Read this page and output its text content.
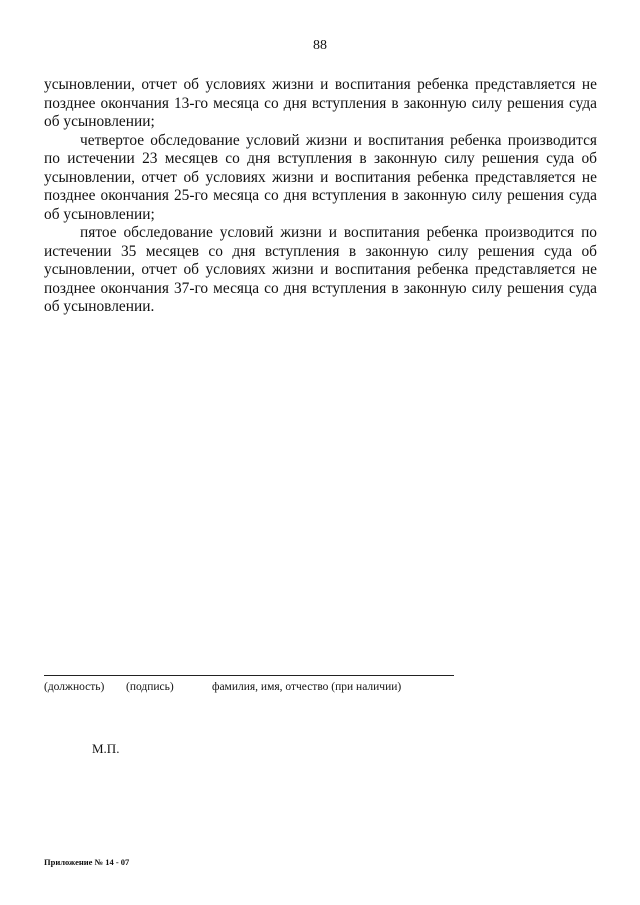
88

усыновлении, отчет об условиях жизни и воспитания ребенка представляется не позднее окончания 13-го месяца со дня вступления в законную силу решения суда об усыновлении;

четвертое обследование условий жизни и воспитания ребенка производится по истечении 23 месяцев со дня вступления в законную силу решения суда об усыновлении, отчет об условиях жизни и воспитания ребенка представляется не позднее окончания 25-го месяца со дня вступления в законную силу решения суда об усыновлении;

пятое обследование условий жизни и воспитания ребенка производится по истечении 35 месяцев со дня вступления в законную силу решения суда об усыновлении, отчет об условиях жизни и воспитания ребенка представляется не позднее окончания 37-го месяца со дня вступления в законную силу решения суда об усыновлении.

(должность) (подпись)	фамилия, имя, отчество (при наличии)
М.П.
Приложение № 14 - 07
